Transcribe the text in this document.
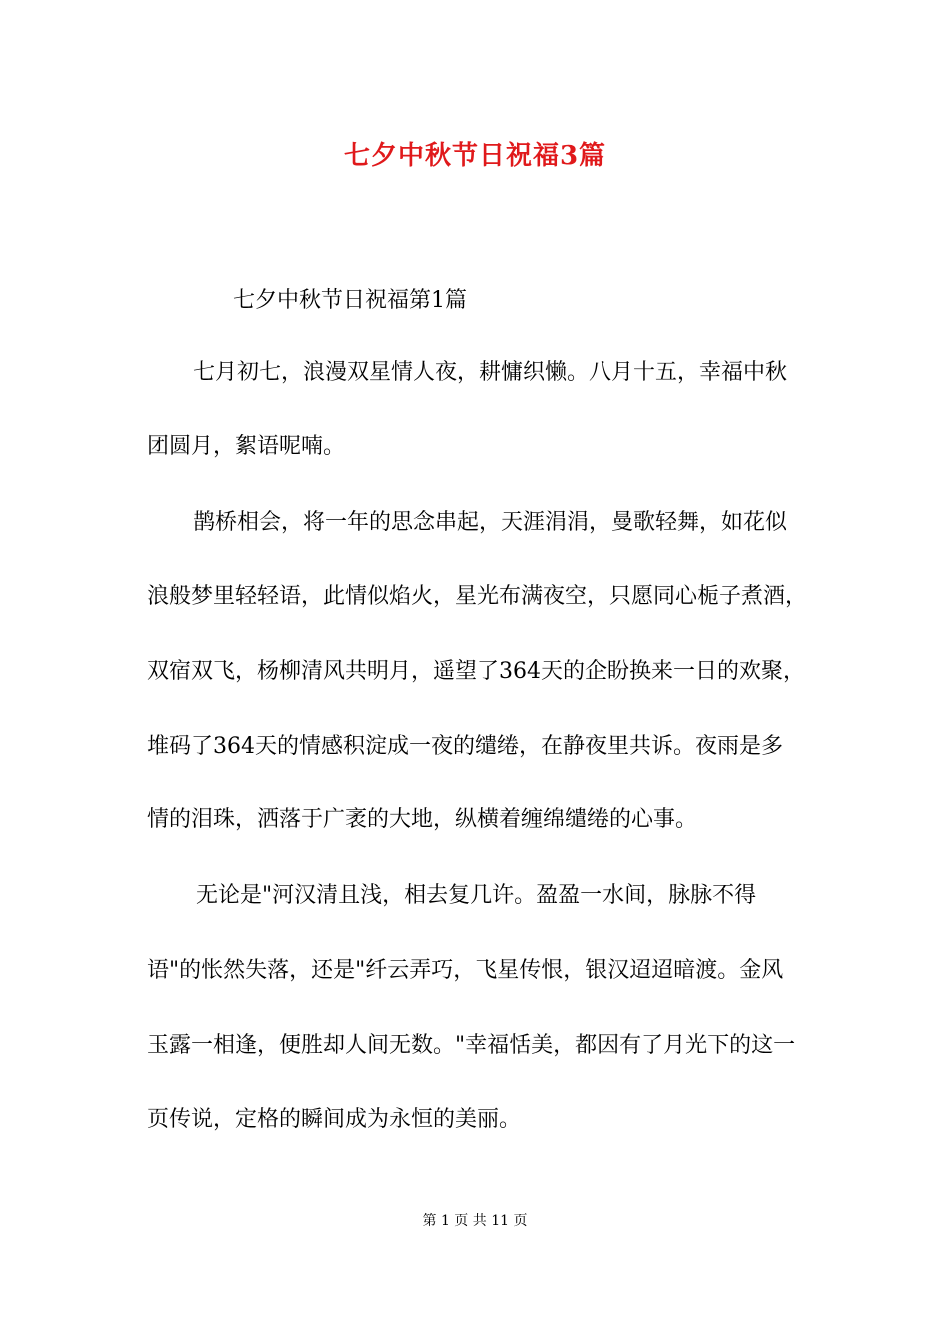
七夕中秋节日祝福3篇
七夕中秋节日祝福第1篇
七月初七，浪漫双星情人夜，耕慵织懒。八月十五，幸福中秋
团圆月，絮语呢喃。
鹊桥相会，将一年的思念串起，天涯涓涓，曼歌轻舞，如花似
浪般梦里轻轻语，此情似焰火，星光布满夜空，只愿同心栀子煮酒，
双宿双飞，杨柳清风共明月，遥望了364天的企盼换来一日的欢聚，
堆码了364天的情感积淀成一夜的缱绻，在静夜里共诉。夜雨是多
情的泪珠，洒落于广袤的大地，纵横着缠绵缱绻的心事。
无论是"河汉清且浅，相去复几许。盈盈一水间，脉脉不得
语"的怅然失落，还是"纤云弄巧，飞星传恨，银汉迢迢暗渡。金风
玉露一相逢，便胜却人间无数。"幸福恬美，都因有了月光下的这一
页传说，定格的瞬间成为永恒的美丽。
第 1 页 共 11 页
